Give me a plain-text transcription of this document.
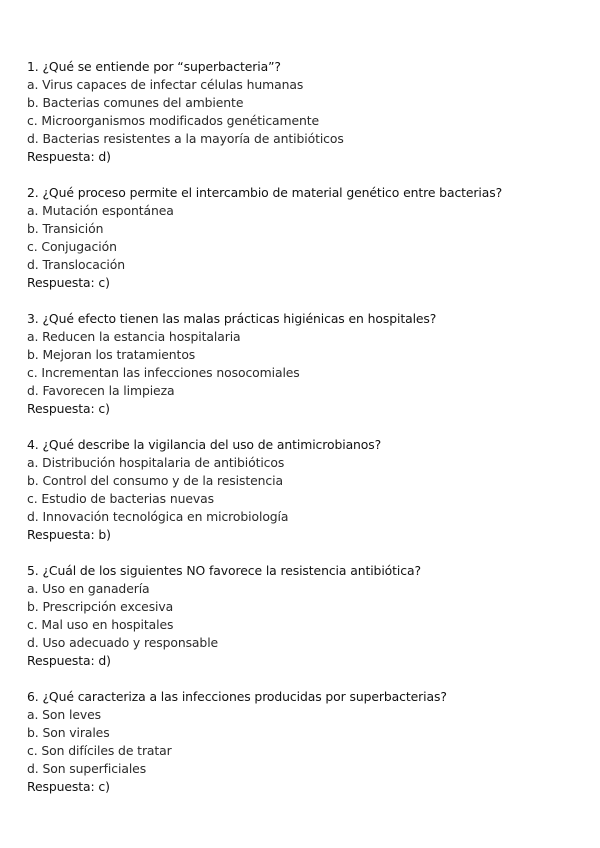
1. ¿Qué se entiende por “superbacteria”?
a. Virus capaces de infectar células humanas
b. Bacterias comunes del ambiente
c. Microorganismos modificados genéticamente
d. Bacterias resistentes a la mayoría de antibióticos
Respuesta: d)
2. ¿Qué proceso permite el intercambio de material genético entre bacterias?
a. Mutación espontánea
b. Transición
c. Conjugación
d. Translocación
Respuesta: c)
3. ¿Qué efecto tienen las malas prácticas higiénicas en hospitales?
a. Reducen la estancia hospitalaria
b. Mejoran los tratamientos
c. Incrementan las infecciones nosocomiales
d. Favorecen la limpieza
Respuesta: c)
4. ¿Qué describe la vigilancia del uso de antimicrobianos?
a. Distribución hospitalaria de antibióticos
b. Control del consumo y de la resistencia
c. Estudio de bacterias nuevas
d. Innovación tecnológica en microbiología
Respuesta: b)
5. ¿Cuál de los siguientes NO favorece la resistencia antibiótica?
a. Uso en ganadería
b. Prescripción excesiva
c. Mal uso en hospitales
d. Uso adecuado y responsable
Respuesta: d)
6. ¿Qué caracteriza a las infecciones producidas por superbacterias?
a. Son leves
b. Son virales
c. Son difíciles de tratar
d. Son superficiales
Respuesta: c)
